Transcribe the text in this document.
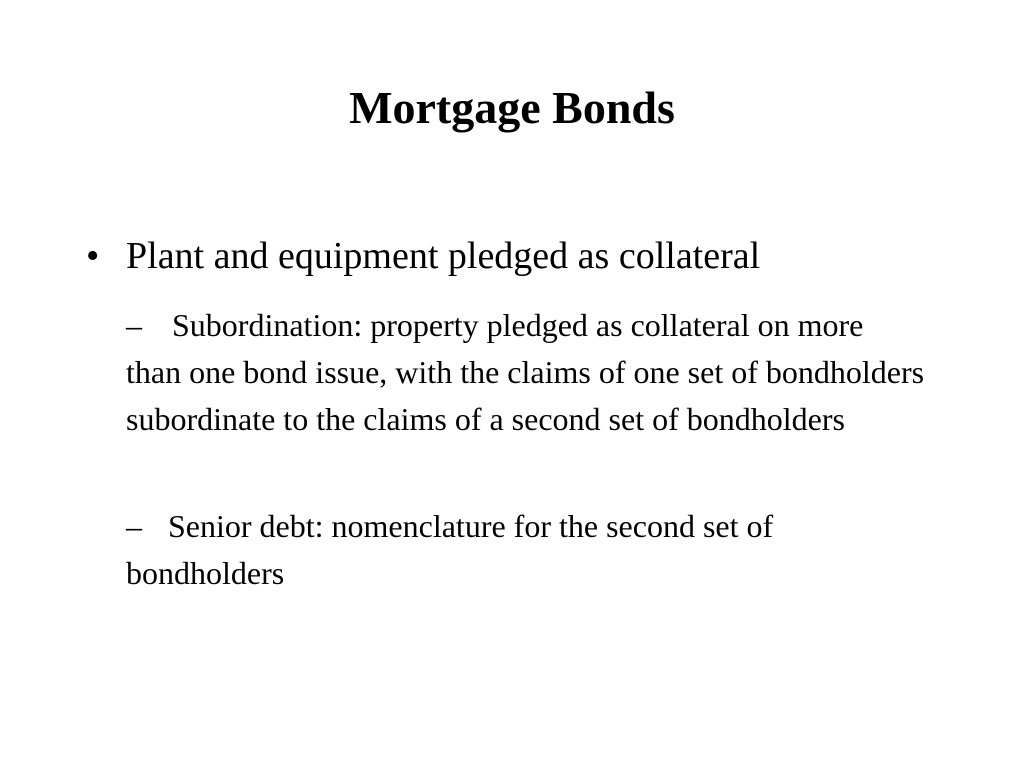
Mortgage Bonds
• Plant and equipment pledged as collateral
– Subordination: property pledged as collateral on more than one bond issue, with the claims of one set of bondholders subordinate to the claims of a second set of bondholders
– Senior debt: nomenclature for the second set of bondholders
